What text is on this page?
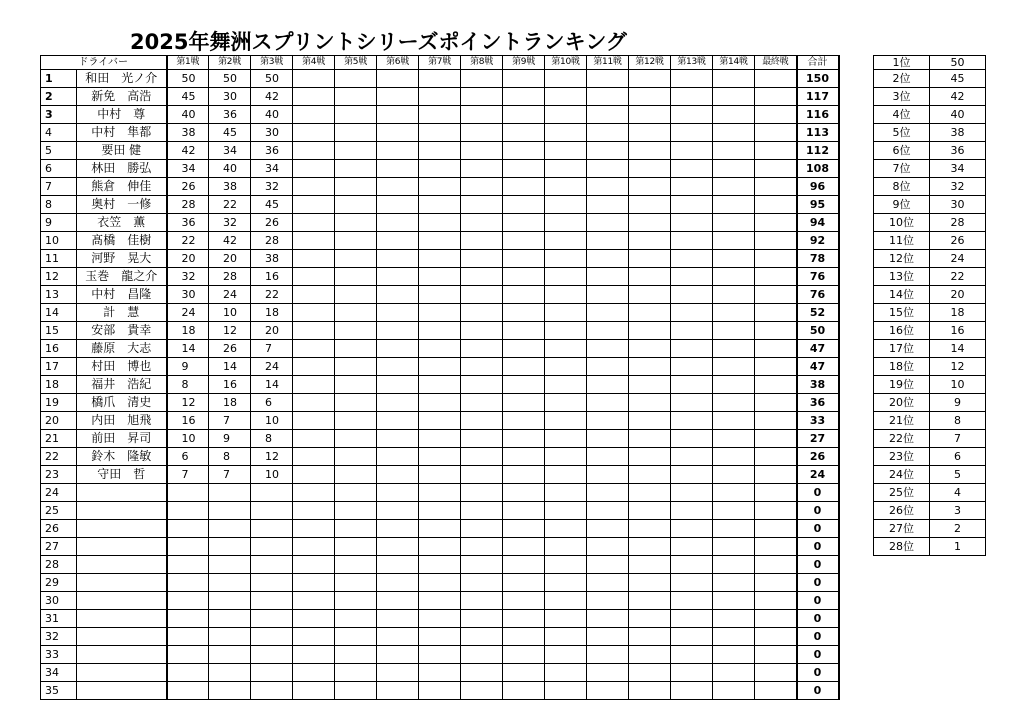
2025年舞洲スプリントシリーズポイントランキング
ドライバー		第1戦	第2戦	第3戦	第4戦	第5戦	第6戦	第7戦	第8戦	第9戦	第10戦	第11戦	第12戦	第13戦	第14戦	最終戦	合計
1	和田　光ノ介	50	50	50													150
2	新免　高浩	45	30	42													117
3	中村　尊	40	36	40													116
4	中村　隼都	38	45	30													113
5	要田 健	42	34	36													112
6	林田　勝弘	34	40	34													108
7	熊倉　伸佳	26	38	32													96
8	奥村　一修	28	22	45													95
9	衣笠　薫	36	32	26													94
10	髙橋　佳樹	22	42	28													92
11	河野　晃大	20	20	38													78
12	玉巻　龍之介	32	28	16													76
13	中村　昌隆	30	24	22													76
14	計　慧	24	10	18													52
15	安部　貴幸	18	12	20													50
16	藤原　大志	14	26	7													47
17	村田　博也	9	14	24													47
18	福井　浩紀	8	16	14													38
19	橋爪　清史	12	18	6													36
20	内田　旭飛	16	7	10													33
21	前田　昇司	10	9	8													27
22	鈴木　隆敏	6	8	12													26
23	守田　哲	7	7	10													24
24																	0
25																	0
26																	0
27																	0
28																	0
29																	0
30																	0
31																	0
32																	0
33																	0
34																	0
35																	0
1位	50
2位	45
3位	42
4位	40
5位	38
6位	36
7位	34
8位	32
9位	30
10位	28
11位	26
12位	24
13位	22
14位	20
15位	18
16位	16
17位	14
18位	12
19位	10
20位	9
21位	8
22位	7
23位	6
24位	5
25位	4
26位	3
27位	2
28位	1
